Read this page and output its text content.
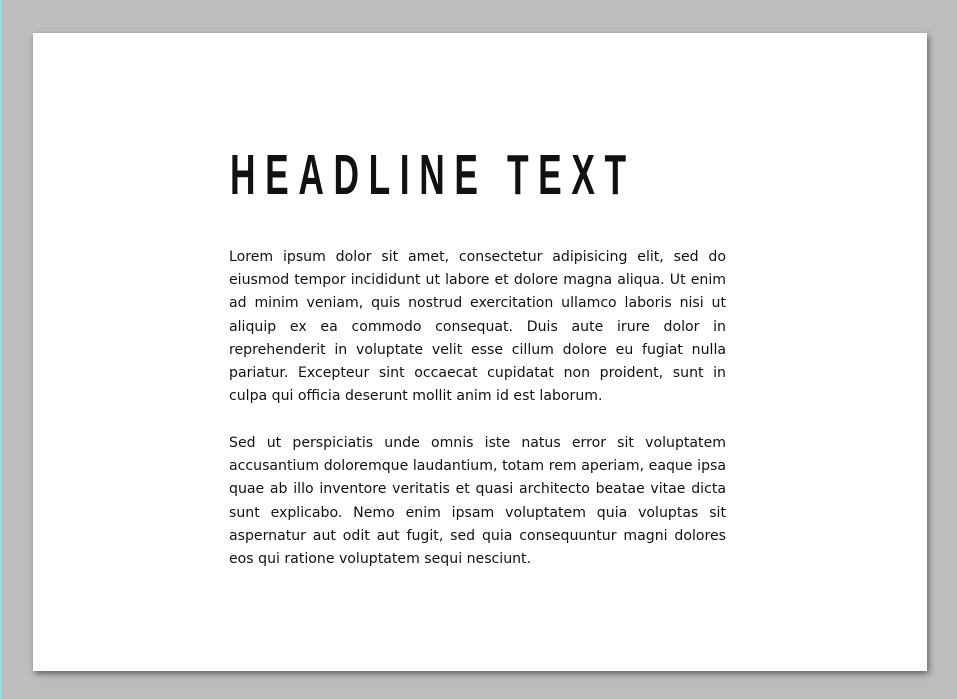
HEADLINE TEXT

Lorem ipsum dolor sit amet, consectetur adipisicing elit, sed do eiusmod tempor incididunt ut labore et dolore magna aliqua. Ut enim ad minim veniam, quis nostrud exercitation ullamco laboris nisi ut aliquip ex ea commodo consequat. Duis aute irure dolor in reprehenderit in voluptate velit esse cillum dolore eu fugiat nulla pariatur. Excepteur sint occaecat cupidatat non proident, sunt in culpa qui officia deserunt mollit anim id est laborum.

Sed ut perspiciatis unde omnis iste natus error sit voluptatem accusantium doloremque laudantium, totam rem aperiam, eaque ipsa quae ab illo inventore veritatis et quasi architecto beatae vitae dicta sunt explicabo. Nemo enim ipsam voluptatem quia voluptas sit aspernatur aut odit aut fugit, sed quia consequuntur magni dolores eos qui ratione voluptatem sequi nesciunt.
